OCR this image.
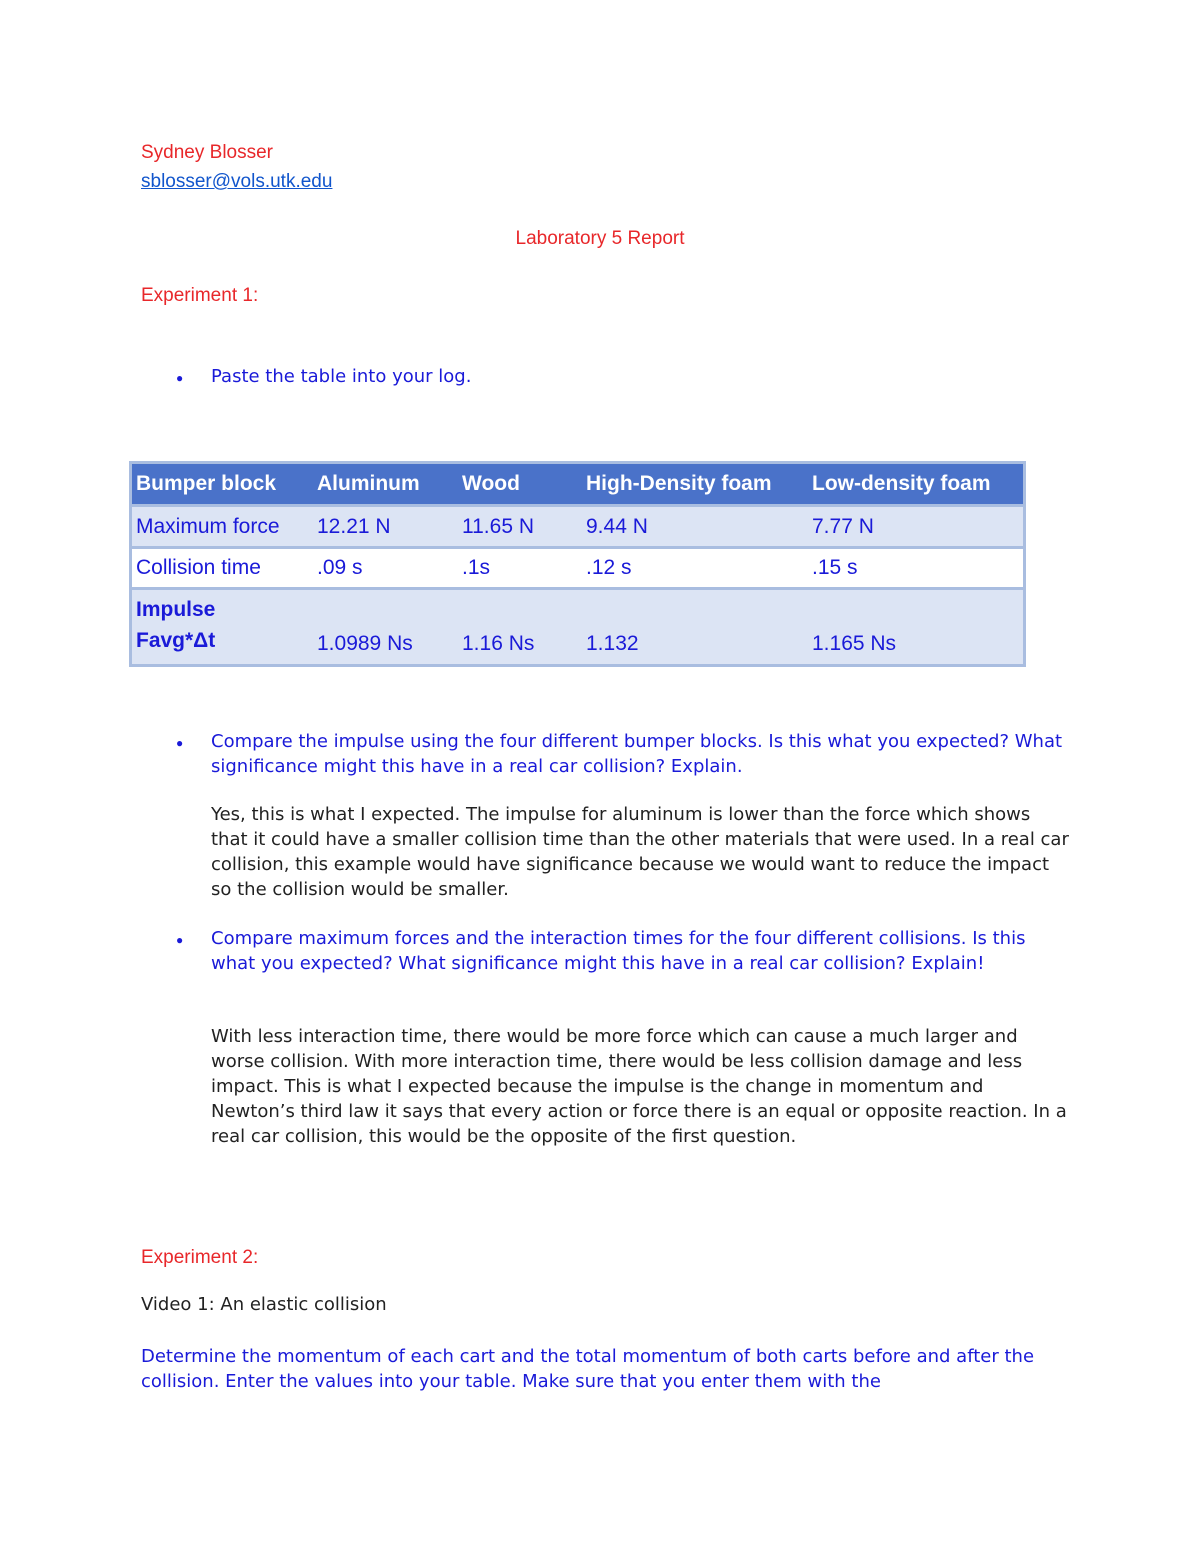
Sydney Blosser
sblosser@vols.utk.edu
Laboratory 5 Report
Experiment 1:
● Paste the table into your log.
Bumper block	Aluminum	Wood	High-Density foam	Low-density foam
Maximum force	12.21 N	11.65 N	9.44 N	7.77 N
Collision time	.09 s	.1s	.12 s	.15 s

Impulse
Favg*Δt	1.0989 Ns	1.16 Ns	1.132	1.165 Ns
● Compare the impulse using the four different bumper blocks. Is this what you expected? What significance might this have in a real car collision? Explain.
Yes, this is what I expected. The impulse for aluminum is lower than the force which shows that it could have a smaller collision time than the other materials that were used. In a real car collision, this example would have significance because we would want to reduce the impact so the collision would be smaller.
● Compare maximum forces and the interaction times for the four different collisions. Is this what you expected? What significance might this have in a real car collision? Explain!
With less interaction time, there would be more force which can cause a much larger and worse collision. With more interaction time, there would be less collision damage and less impact. This is what I expected because the impulse is the change in momentum and Newton’s third law it says that every action or force there is an equal or opposite reaction. In a real car collision, this would be the opposite of the first question.
Experiment 2:
Video 1: An elastic collision
Determine the momentum of each cart and the total momentum of both carts before and after the collision. Enter the values into your table. Make sure that you enter them with the
